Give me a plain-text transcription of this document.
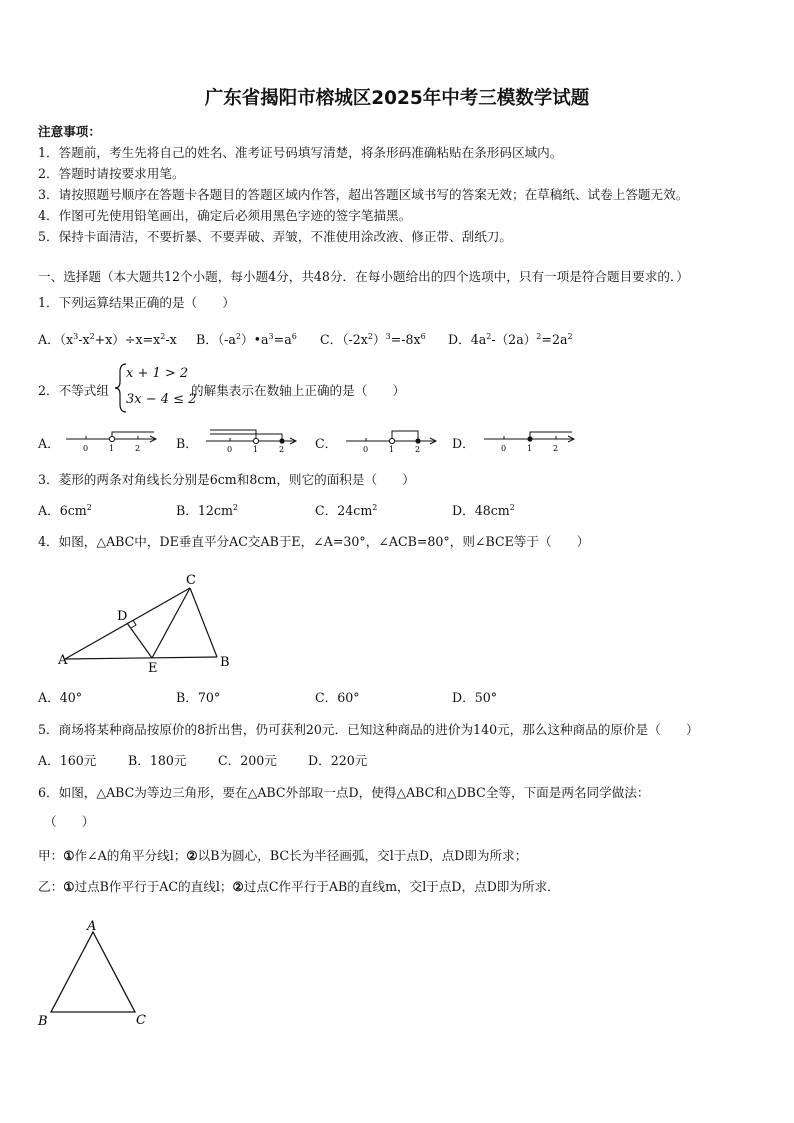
广东省揭阳市榕城区2025年中考三模数学试题
注意事项：
1．答题前，考生先将自己的姓名、准考证号码填写清楚，将条形码准确粘贴在条形码区域内。
2．答题时请按要求用笔。
3．请按照题号顺序在答题卡各题目的答题区域内作答，超出答题区域书写的答案无效；在草稿纸、试卷上答题无效。
4．作图可先使用铅笔画出，确定后必须用黑色字迹的签字笔描黑。
5．保持卡面清洁，不要折暴、不要弄破、弄皱，不准使用涂改液、修正带、刮纸刀。
一、选择题（本大题共12个小题，每小题4分，共48分．在每小题给出的四个选项中，只有一项是符合题目要求的．）
1．下列运算结果正确的是（　　）
A．$(x^3-x^2+x)\div x=x^2-x$ B．$(-a^2)•a^3=a^6$ C．$(-2x^2)^3=-8x^6$ D．$4a^2-(2a)^2=2a^2$
2．不等式组
x + 1 > 2
3x − 4 ≤ 2
的解集表示在数轴上正确的是（　　）
A．	0	1	2	B．	0	1	2 C．	0	1	2	D．	0	1	2
3．菱形的两条对角线长分别是6cm和8cm，则它的面积是（　　）
A．$6cm^2$	B．$12cm^2$	C．$24cm^2$	D．$48cm^2$
4．如图，△ABC中，DE垂直平分AC交AB于E，∠A=30°，∠ACB=80°，则∠BCE等于（　　）
A	B
C
D
E
A．40°	B．70°	C．60°	D．50°
5．商场将某种商品按原价的8折出售，仍可获利20元．已知这种商品的进价为140元，那么这种商品的原价是（　　）
A．160元	B．180元	C．200元 D．220元
6．如图，△ABC为等边三角形，要在△ABC外部取一点D，使得△ABC和△DBC全等，下面是两名同学做法：
（　　）
甲：①作∠A的角平分线l；②以B为圆心，BC长为半径画弧，交l于点D，点D即为所求；
乙：①过点B作平行于AC的直线l；②过点C作平行于AB的直线m，交l于点D，点D即为所求．
A
B	C
